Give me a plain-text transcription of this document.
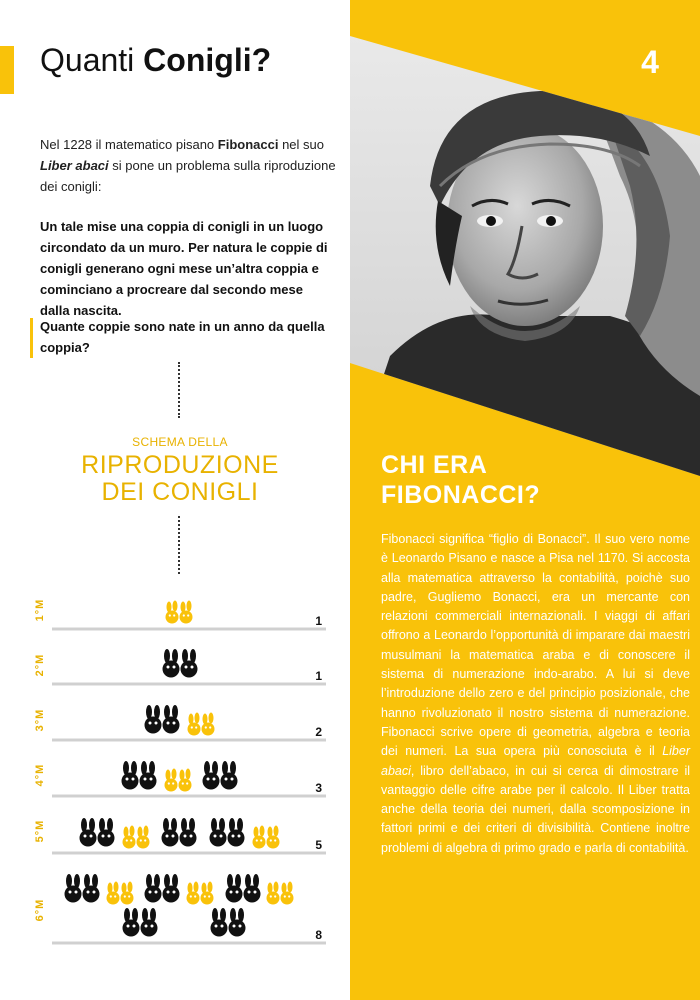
Quanti Conigli?

Nel 1228 il matematico pisano Fibonacci nel suo Liber abaci si pone un problema sulla riproduzione dei conigli:

Un tale mise una coppia di conigli in un luogo circondato da un muro. Per natura le coppie di conigli generano ogni mese un’altra coppia e cominciano a procreare dal secondo mese dalla nascita.

Quante coppie sono nate in un anno da quella coppia?

SCHEMA DELLA
RIPRODUZIONE
DEI CONIGLI
1°M	1
2°M	1
3°M
2
4°M
3
5°M
5
6°M
8
4
CHI ERA
FIBONACCI?

Fibonacci significa “figlio di Bonacci”. Il suo vero nome è Leonardo Pisano e nasce a Pisa nel 1170. Si accosta alla matematica attraverso la contabilità, poichè suo padre, Gugliemo Bonacci, era un mercante con relazioni commerciali internazionali. I viaggi di affari offrono a Leonardo l’opportunità di imparare dai maestri musulmani la matematica araba e di conoscere il sistema di numerazione indo-arabo. A lui si deve l’introduzione dello zero e del principio posizionale, che hanno rivoluzionato il nostro sistema di numerazione. Fibonacci scrive opere di geometria, algebra e teoria dei numeri. La sua opera più conosciuta è il Liber abaci, libro dell’abaco, in cui si cerca di dimostrare il vantaggio delle cifre arabe per il calcolo. Il Liber tratta anche della teoria dei numeri, dalla scomposizione in fattori primi e dei criteri di divisibilità. Contiene inoltre problemi di algebra di primo grado e parla di contabilità.
